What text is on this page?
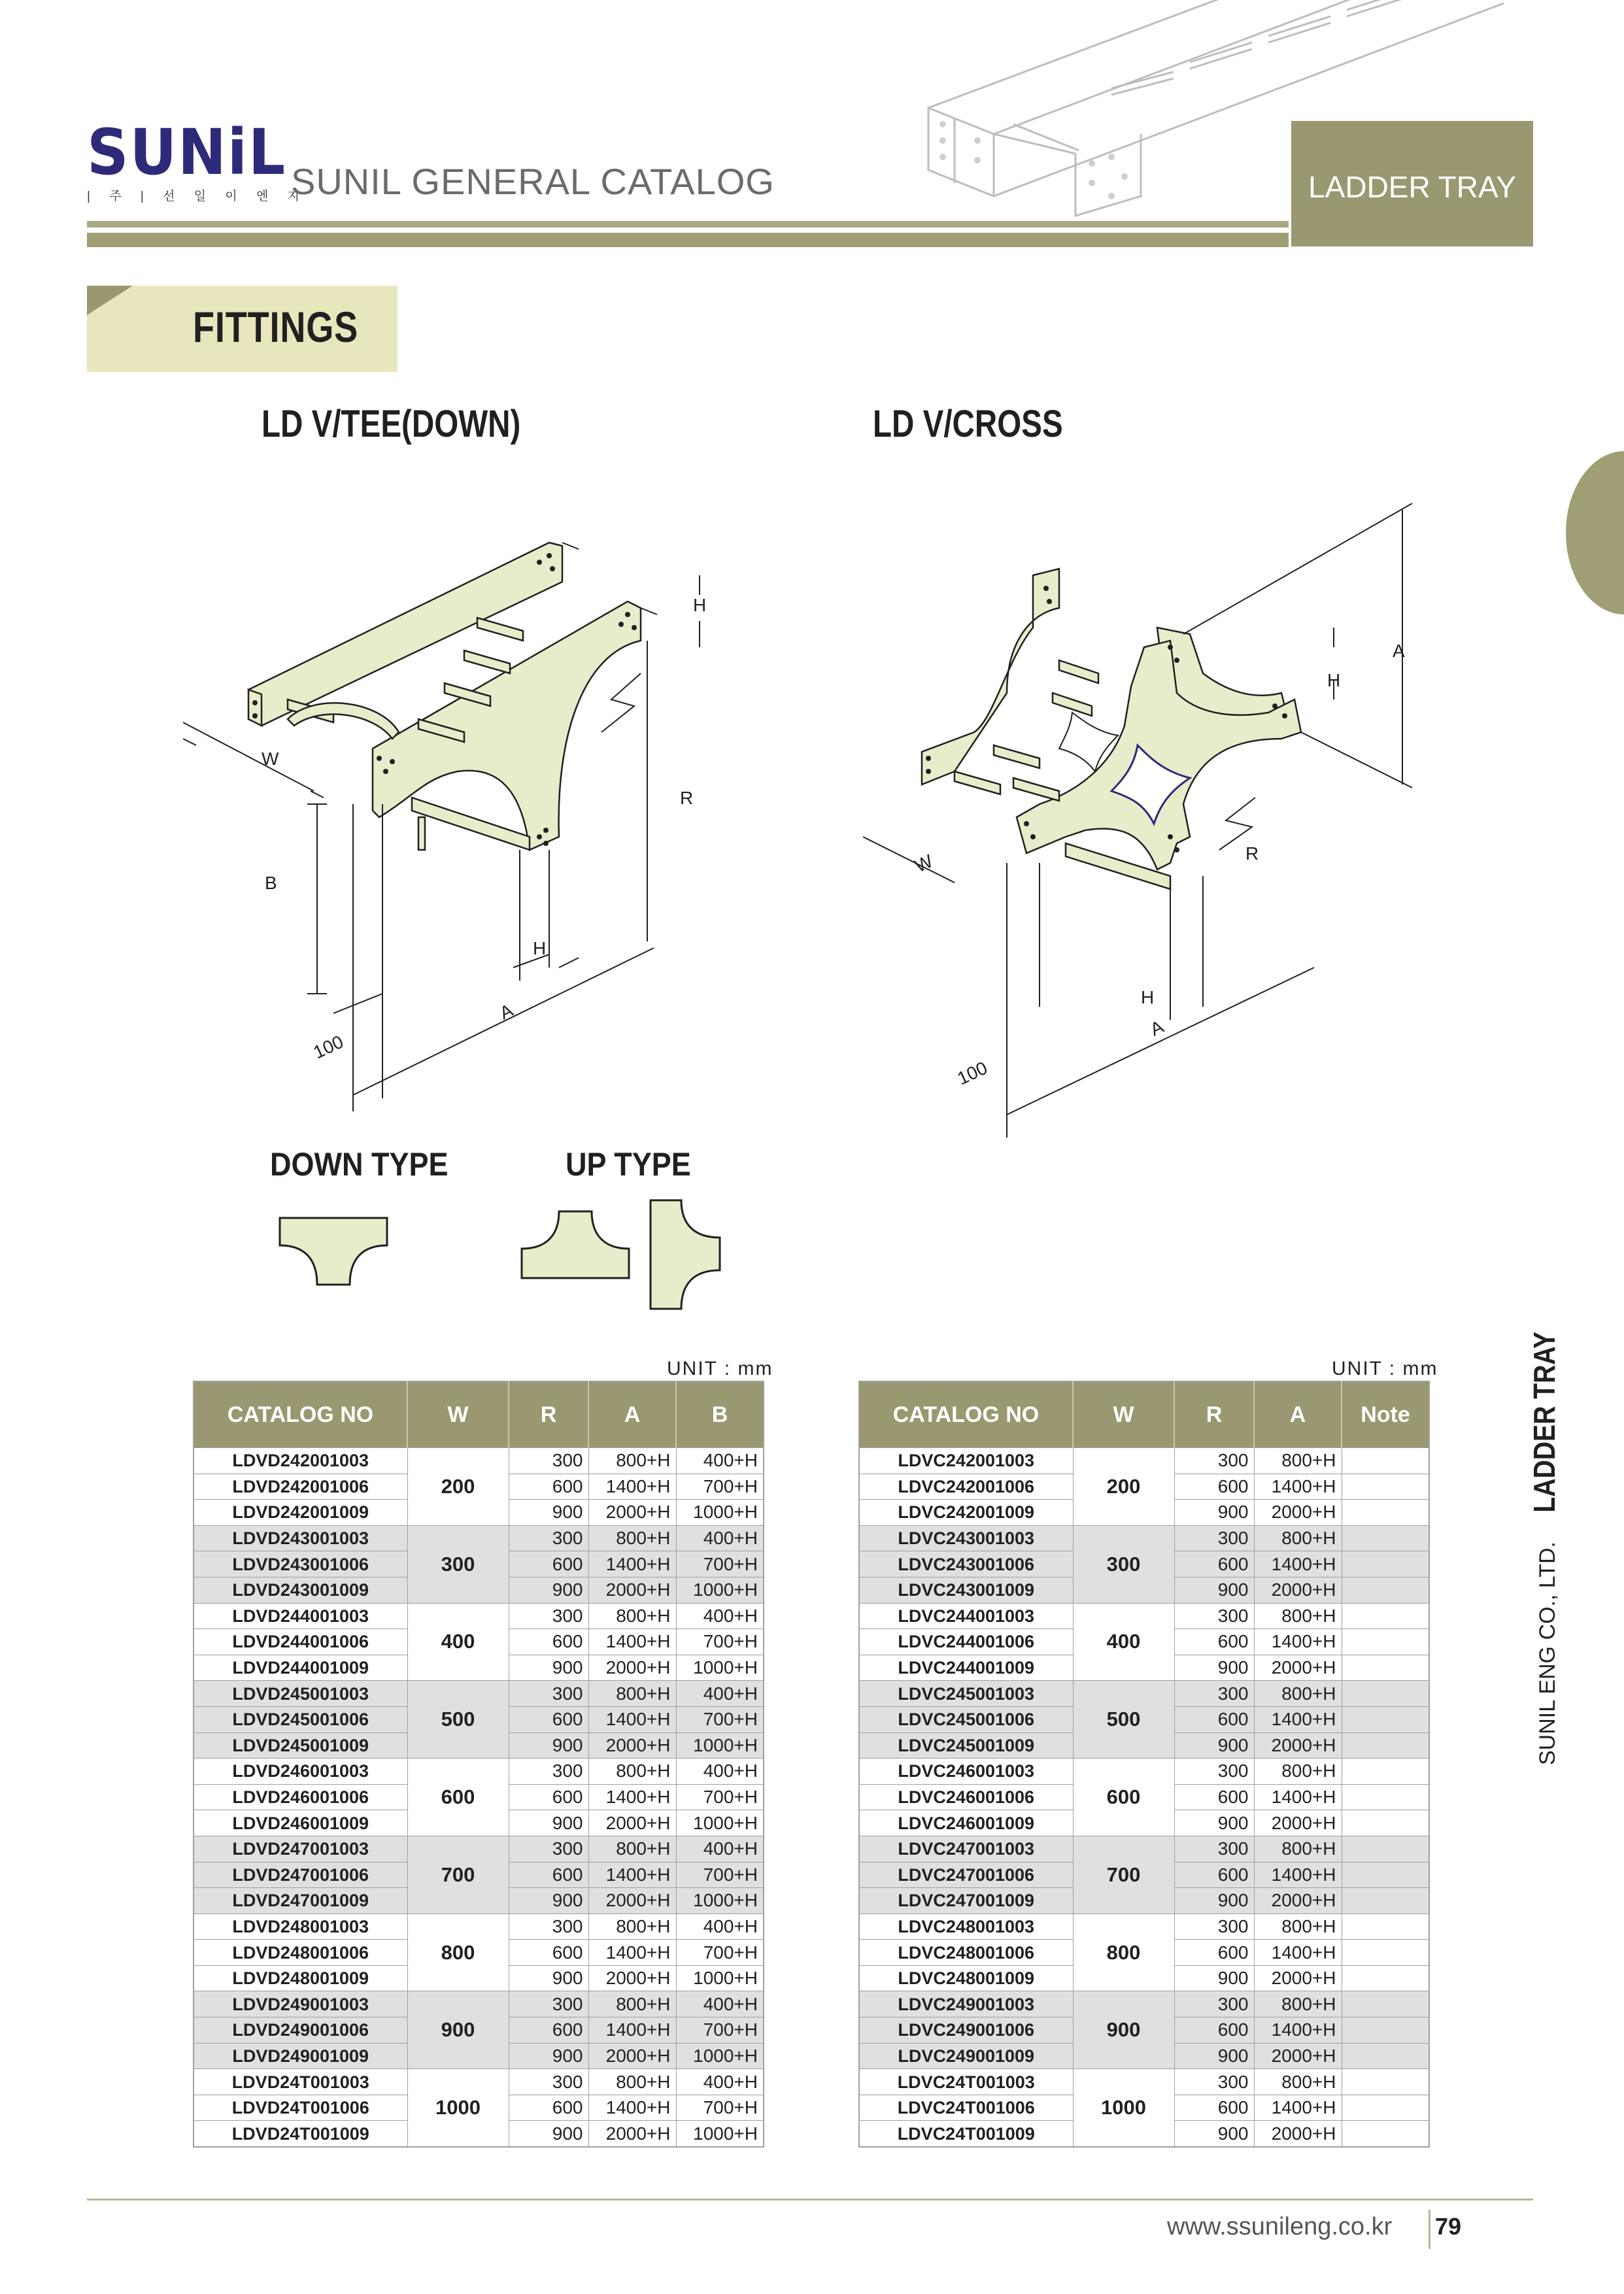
SUNiL
| 주 | 선 일 이 엔 지
SUNIL GENERAL CATALOG	LADDER TRAY
FITTINGS
LD V/TEE(DOWN)	LD V/CROSS
B
W
H
R
H
A
100
A
H
W	R
H
A
100
DOWN TYPE	UP TYPE
UNIT : mm
CATALOG NO	W	R	A	B
LDVD242001003	200	300	800+H	400+H
LDVD242001006		600	1400+H	700+H
LDVD242001009		900	2000+H	1000+H
LDVD243001003	300	300	800+H	400+H
LDVD243001006		600	1400+H	700+H
LDVD243001009		900	2000+H	1000+H
LDVD244001003	400	300	800+H	400+H
LDVD244001006		600	1400+H	700+H
LDVD244001009		900	2000+H	1000+H
LDVD245001003	500	300	800+H	400+H
LDVD245001006		600	1400+H	700+H
LDVD245001009		900	2000+H	1000+H
LDVD246001003	600	300	800+H	400+H
LDVD246001006		600	1400+H	700+H
LDVD246001009		900	2000+H	1000+H
LDVD247001003	700	300	800+H	400+H
LDVD247001006		600	1400+H	700+H
LDVD247001009		900	2000+H	1000+H
LDVD248001003	800	300	800+H	400+H
LDVD248001006		600	1400+H	700+H
LDVD248001009		900	2000+H	1000+H
LDVD249001003	900	300	800+H	400+H
LDVD249001006		600	1400+H	700+H
LDVD249001009		900	2000+H	1000+H
LDVD24T001003	1000	300	800+H	400+H
LDVD24T001006		600	1400+H	700+H
LDVD24T001009		900	2000+H	1000+H
UNIT : mm
CATALOG NO	W	R	A	Note
LDVC242001003	200	300	800+H	
LDVC242001006		600	1400+H	
LDVC242001009		900	2000+H	
LDVC243001003	300	300	800+H	
LDVC243001006		600	1400+H	
LDVC243001009		900	2000+H	
LDVC244001003	400	300	800+H	
LDVC244001006		600	1400+H	
LDVC244001009		900	2000+H	
LDVC245001003	500	300	800+H	
LDVC245001006		600	1400+H	
LDVC245001009		900	2000+H	
LDVC246001003	600	300	800+H	
LDVC246001006		600	1400+H	
LDVC246001009		900	2000+H	
LDVC247001003	700	300	800+H	
LDVC247001006		600	1400+H	
LDVC247001009		900	2000+H	
LDVC248001003	800	300	800+H	
LDVC248001006		600	1400+H	
LDVC248001009		900	2000+H	
LDVC249001003	900	300	800+H	
LDVC249001006		600	1400+H	
LDVC249001009		900	2000+H	
LDVC24T001003	1000	300	800+H	
LDVC24T001006		600	1400+H	
LDVC24T001009		900	2000+H	
SUNIL ENG CO., LTD.LADDER TRAY
www.ssunileng.co.kr 79
